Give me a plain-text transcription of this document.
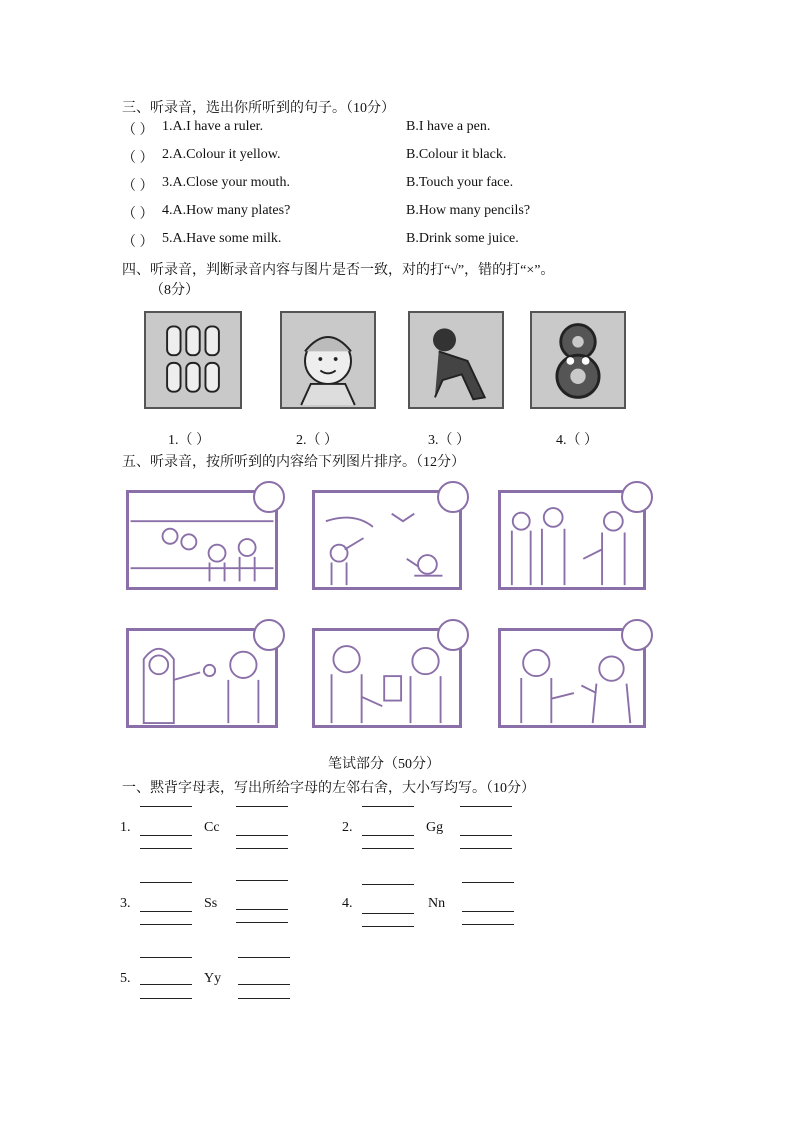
三、听录音，选出你所听到的句子。（10分）
（ ） 1.A.I have a ruler.	B.I have a pen.
（ ） 2.A.Colour it yellow.	B.Colour it black.
（ ） 3.A.Close your mouth.	B.Touch your face.
（ ） 4.A.How many plates?	B.How many pencils?
（ ） 5.A.Have some milk.	B.Drink some juice.
四、听录音，判断录音内容与图片是否一致，对的打“√”，错的打“×”。
（8分）
1.（ ）	2.（ ）	3.（ ）	4.（ ）
五、听录音，按所听到的内容给下列图片排序。（12分）
笔试部分（50分）
一、黙背字母表，写出所给字母的左邻右舍，大小写均写。（10分）
1.	Cc	2.	Gg
3.	Ss	4.	Nn
5.	Yy
